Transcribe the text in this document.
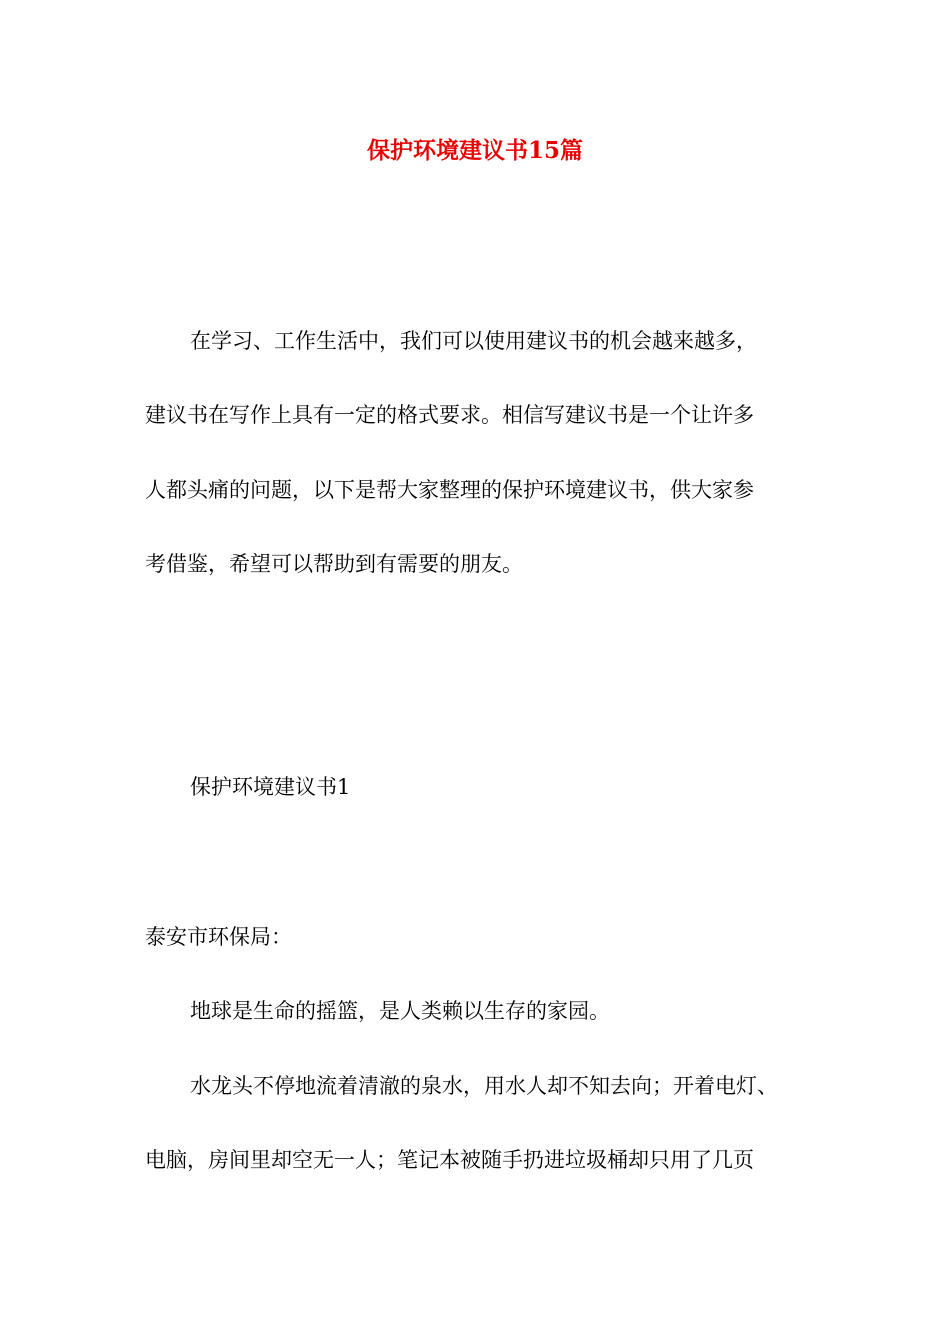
保护环境建议书15篇
在学习、工作生活中，我们可以使用建议书的机会越来越多，
建议书在写作上具有一定的格式要求。相信写建议书是一个让许多
人都头痛的问题，以下是帮大家整理的保护环境建议书，供大家参
考借鉴，希望可以帮助到有需要的朋友。
保护环境建议书1
泰安市环保局：
地球是生命的摇篮，是人类赖以生存的家园。
水龙头不停地流着清澈的泉水，用水人却不知去向；开着电灯、
电脑，房间里却空无一人；笔记本被随手扔进垃圾桶却只用了几页
